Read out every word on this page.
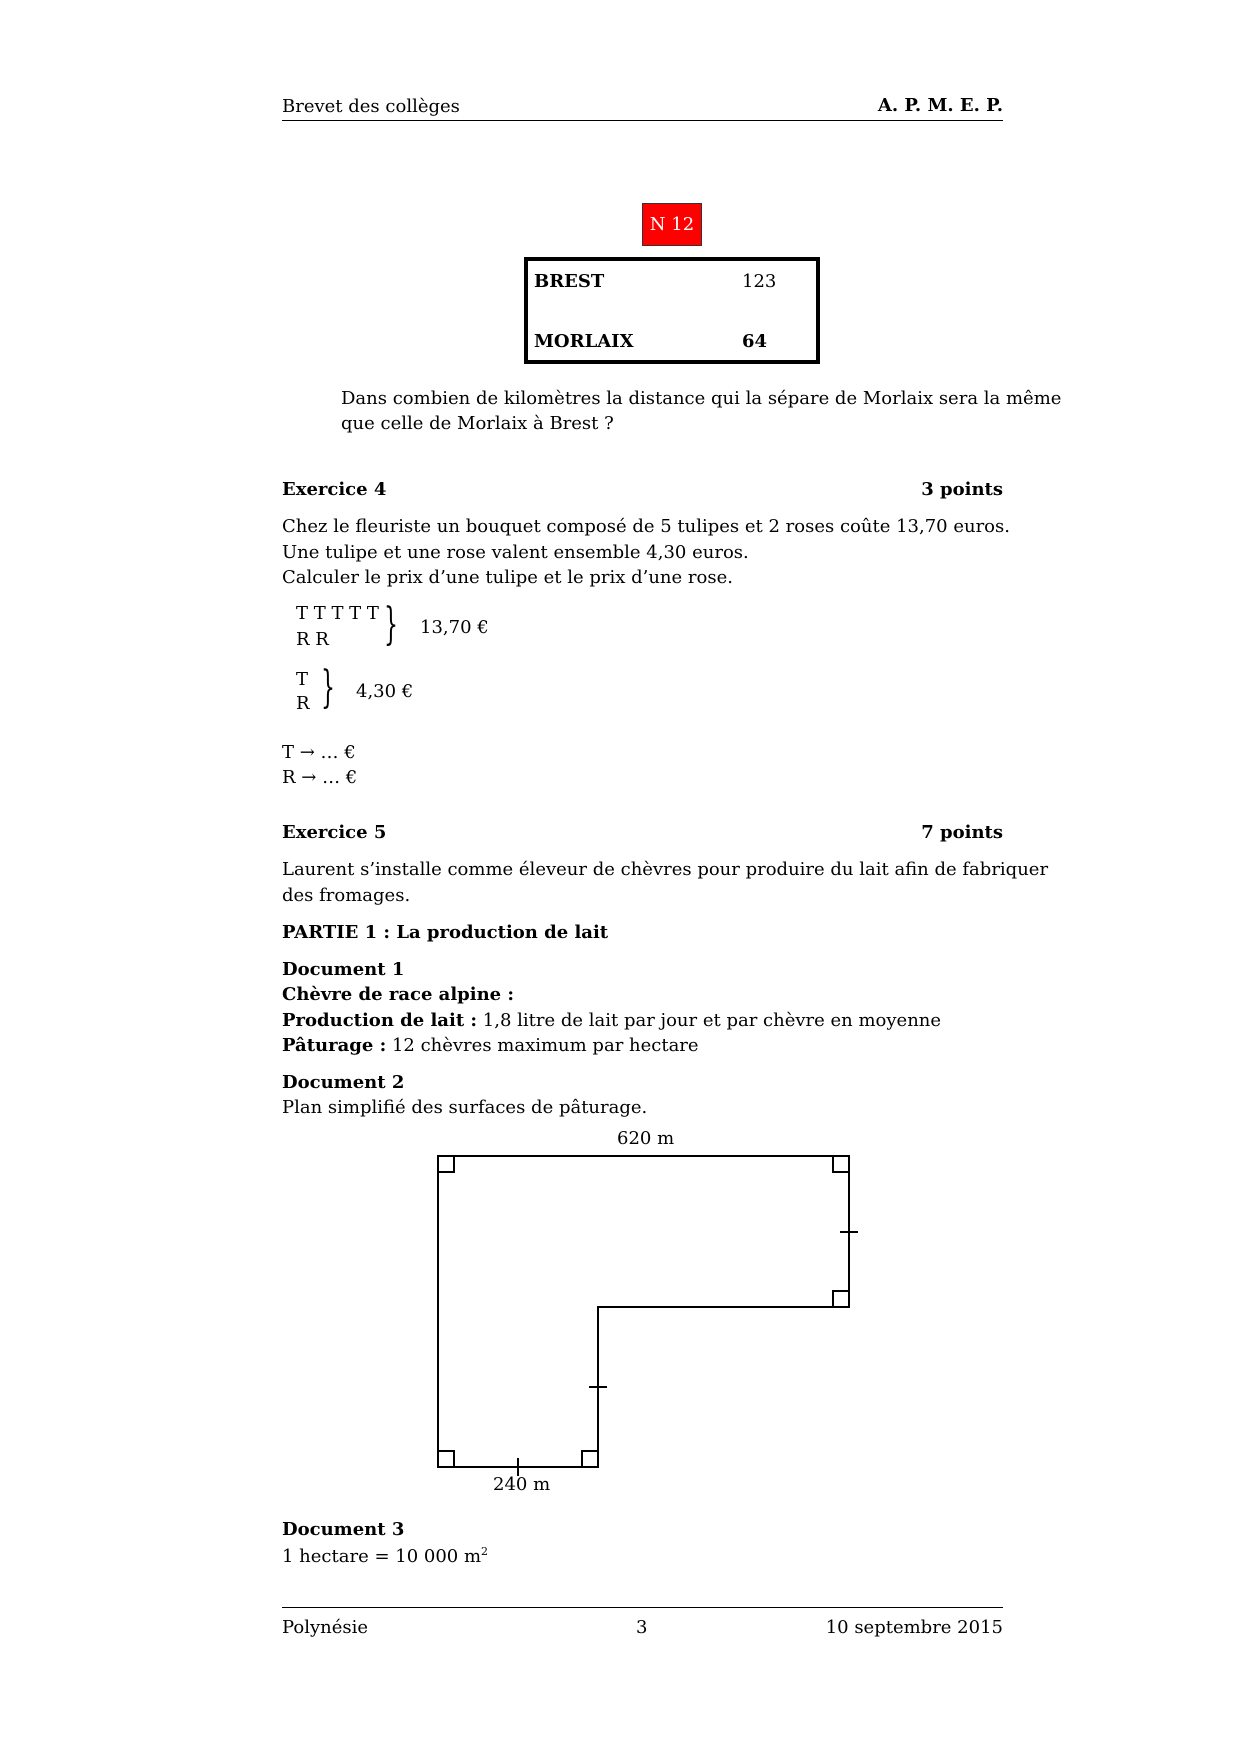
Brevet des collèges	A. P. M. E. P.
N 12
BREST	123
MORLAIX	64
Dans combien de kilomètres la distance qui la sépare de Morlaix sera la même
que celle de Morlaix à Brest ?
Exercice 4	3 points
Chez le fleuriste un bouquet composé de 5 tulipes et 2 roses coûte 13,70 euros.
Une tulipe et une rose valent ensemble 4,30 euros.
Calculer le prix d’une tulipe et le prix d’une rose.
T T T T T
R R } 13,70 €
T
R } 4,30 €
T → … €
R → … €
Exercice 5	7 points
Laurent s’installe comme éleveur de chèvres pour produire du lait afin de fabriquer
des fromages.
PARTIE 1 : La production de lait
Document 1
Chèvre de race alpine :
Production de lait : 1,8 litre de lait par jour et par chèvre en moyenne
Pâturage : 12 chèvres maximum par hectare
Document 2
Plan simplifié des surfaces de pâturage.
620 m
240 m
Document 3
1 hectare = 10 000 $m^2$
Polynésie	3	10 septembre 2015
